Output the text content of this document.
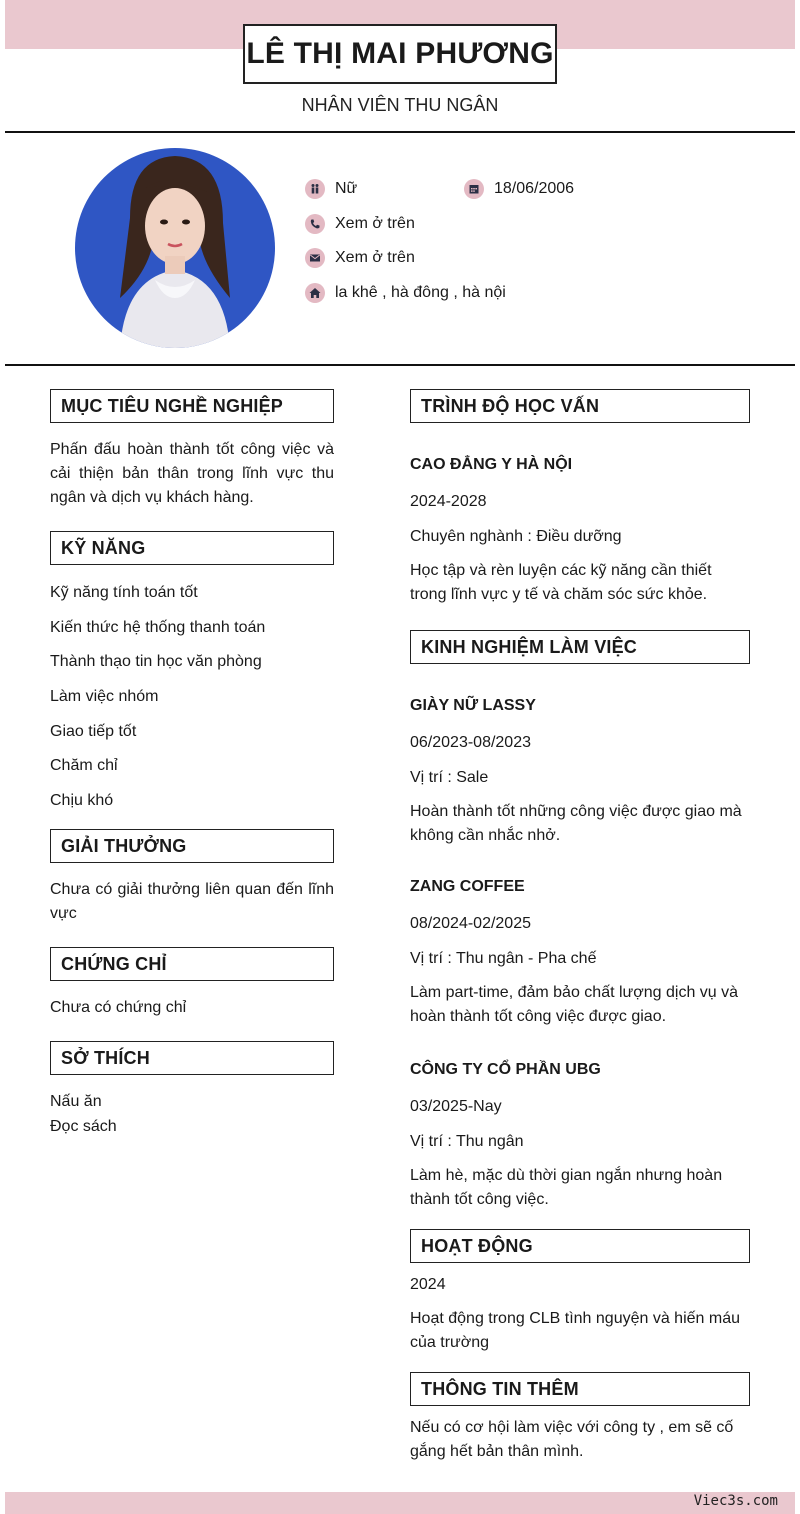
LÊ THỊ MAI PHƯƠNG
NHÂN VIÊN THU NGÂN
Nữ	18/06/2006
Xem ở trên
Xem ở trên
la khê , hà đông , hà nội
MỤC TIÊU NGHỀ NGHIỆP
Phấn đấu hoàn thành tốt công việc và cải thiện bản thân trong lĩnh vực thu ngân và dịch vụ khách hàng.
KỸ NĂNG
Kỹ năng tính toán tốt
Kiến thức hệ thống thanh toán
Thành thạo tin học văn phòng
Làm việc nhóm
Giao tiếp tốt
Chăm chỉ
Chịu khó
GIẢI THƯỞNG
Chưa có giải thưởng liên quan đến lĩnh vực
CHỨNG CHỈ
Chưa có chứng chỉ
SỞ THÍCH
Nấu ăn
Đọc sách
TRÌNH ĐỘ HỌC VẤN
CAO ĐẲNG Y HÀ NỘI
2024-2028
Chuyên nghành : Điều dưỡng
Học tập và rèn luyện các kỹ năng cần thiết trong lĩnh vực y tế và chăm sóc sức khỏe.
KINH NGHIỆM LÀM VIỆC
GIÀY NỮ LASSY
06/2023-08/2023
Vị trí : Sale
Hoàn thành tốt những công việc được giao mà không cần nhắc nhở.
ZANG COFFEE
08/2024-02/2025
Vị trí : Thu ngân - Pha chế
Làm part-time, đảm bảo chất lượng dịch vụ và hoàn thành tốt công việc được giao.
CÔNG TY CỔ PHẦN UBG
03/2025-Nay
Vị trí : Thu ngân
Làm hè, mặc dù thời gian ngắn nhưng hoàn thành tốt công việc.
HOẠT ĐỘNG
2024
Hoạt động trong CLB tình nguyện và hiến máu của trường
THÔNG TIN THÊM
Nếu có cơ hội làm việc với công ty , em sẽ cố gắng hết bản thân mình.
Viec3s.com
